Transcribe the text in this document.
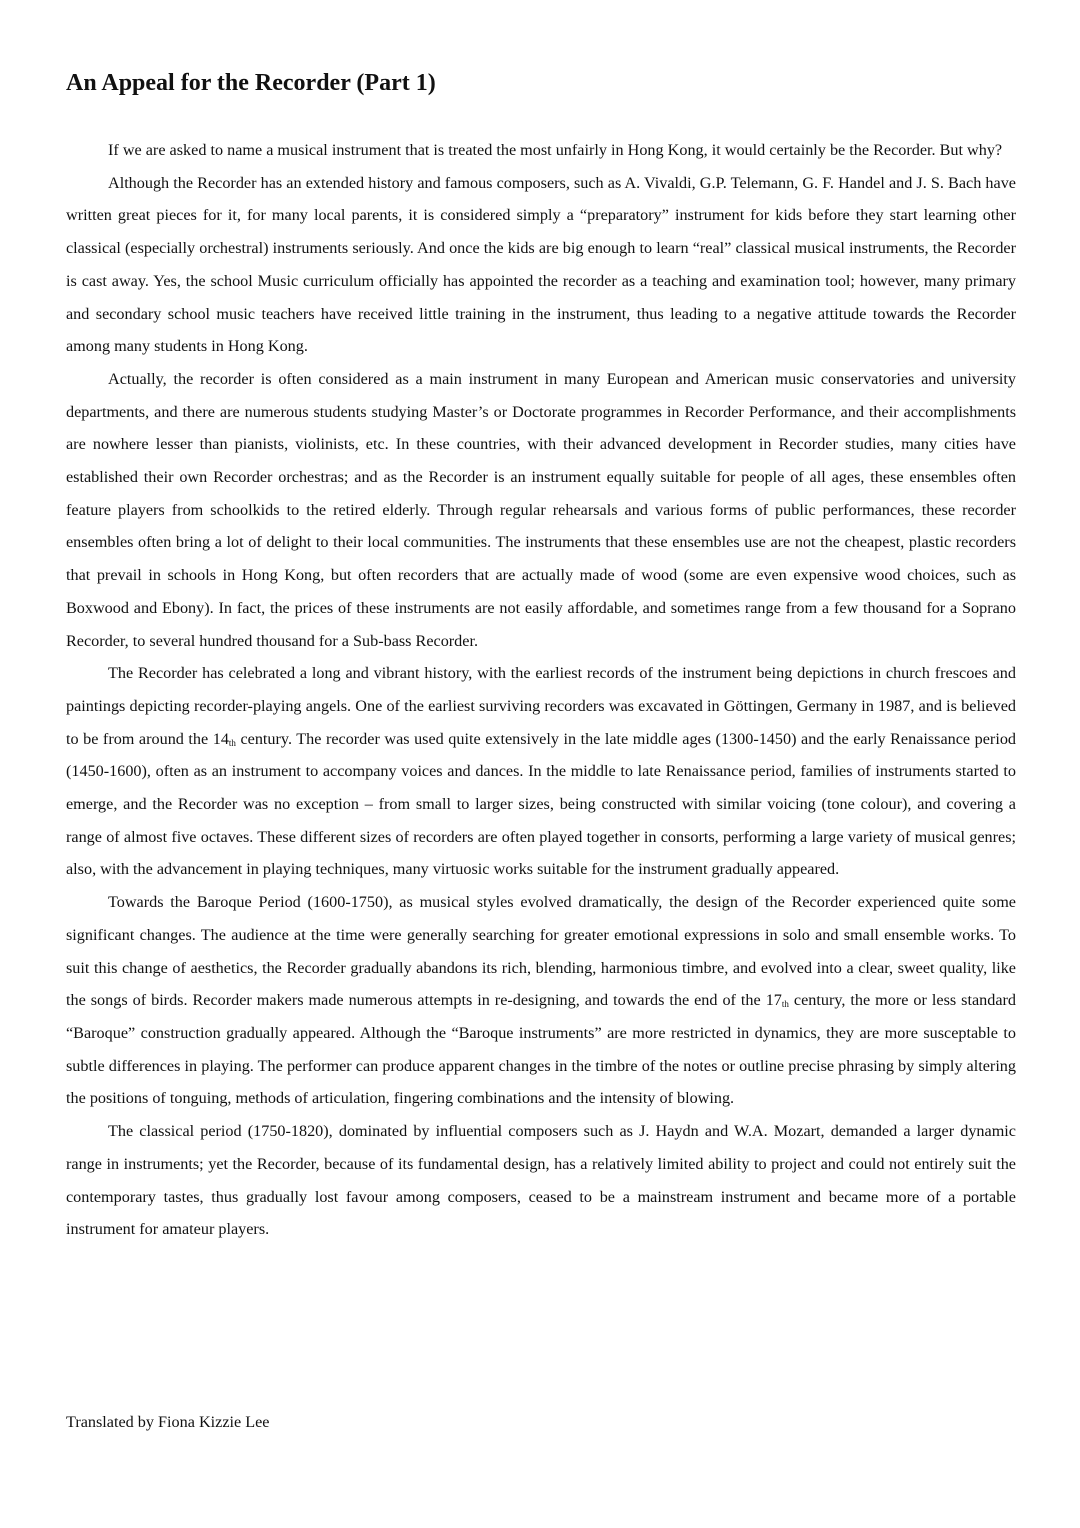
An Appeal for the Recorder (Part 1)

If we are asked to name a musical instrument that is treated the most unfairly in Hong Kong, it would certainly be the Recorder. But why?

Although the Recorder has an extended history and famous composers, such as A. Vivaldi, G.P. Telemann, G. F. Handel and J. S. Bach have written great pieces for it, for many local parents, it is considered simply a “preparatory” instrument for kids before they start learning other classical (especially orchestral) instruments seriously. And once the kids are big enough to learn “real” classical musical instruments, the Recorder is cast away. Yes, the school Music curriculum officially has appointed the recorder as a teaching and examination tool; however, many primary and secondary school music teachers have received little training in the instrument, thus leading to a negative attitude towards the Recorder among many students in Hong Kong.

Actually, the recorder is often considered as a main instrument in many European and American music conservatories and university departments, and there are numerous students studying Master’s or Doctorate programmes in Recorder Performance, and their accomplishments are nowhere lesser than pianists, violinists, etc. In these countries, with their advanced development in Recorder studies, many cities have established their own Recorder orchestras; and as the Recorder is an instrument equally suitable for people of all ages, these ensembles often feature players from schoolkids to the retired elderly. Through regular rehearsals and various forms of public performances, these recorder ensembles often bring a lot of delight to their local communities. The instruments that these ensembles use are not the cheapest, plastic recorders that prevail in schools in Hong Kong, but often recorders that are actually made of wood (some are even expensive wood choices, such as Boxwood and Ebony). In fact, the prices of these instruments are not easily affordable, and sometimes range from a few thousand for a Soprano Recorder, to several hundred thousand for a Sub-bass Recorder.

The Recorder has celebrated a long and vibrant history, with the earliest records of the instrument being depictions in church frescoes and paintings depicting recorder-playing angels. One of the earliest surviving recorders was excavated in Göttingen, Germany in 1987, and is believed to be from around the $14_{th}$ century. The recorder was used quite extensively in the late middle ages (1300-1450) and the early Renaissance period (1450-1600), often as an instrument to accompany voices and dances. In the middle to late Renaissance period, families of instruments started to emerge, and the Recorder was no exception – from small to larger sizes, being constructed with similar voicing (tone colour), and covering a range of almost five octaves. These different sizes of recorders are often played together in consorts, performing a large variety of musical genres; also, with the advancement in playing techniques, many virtuosic works suitable for the instrument gradually appeared.

Towards the Baroque Period (1600-1750), as musical styles evolved dramatically, the design of the Recorder experienced quite some significant changes. The audience at the time were generally searching for greater emotional expressions in solo and small ensemble works. To suit this change of aesthetics, the Recorder gradually abandons its rich, blending, harmonious timbre, and evolved into a clear, sweet quality, like the songs of birds. Recorder makers made numerous attempts in re-designing, and towards the end of the $17_{th}$ century, the more or less standard “Baroque” construction gradually appeared. Although the “Baroque instruments” are more restricted in dynamics, they are more susceptable to subtle differences in playing. The performer can produce apparent changes in the timbre of the notes or outline precise phrasing by simply altering the positions of tonguing, methods of articulation, fingering combinations and the intensity of blowing.

The classical period (1750-1820), dominated by influential composers such as J. Haydn and W.A. Mozart, demanded a larger dynamic range in instruments; yet the Recorder, because of its fundamental design, has a relatively limited ability to project and could not entirely suit the contemporary tastes, thus gradually lost favour among composers, ceased to be a mainstream instrument and became more of a portable instrument for amateur players.

Translated by Fiona Kizzie Lee
